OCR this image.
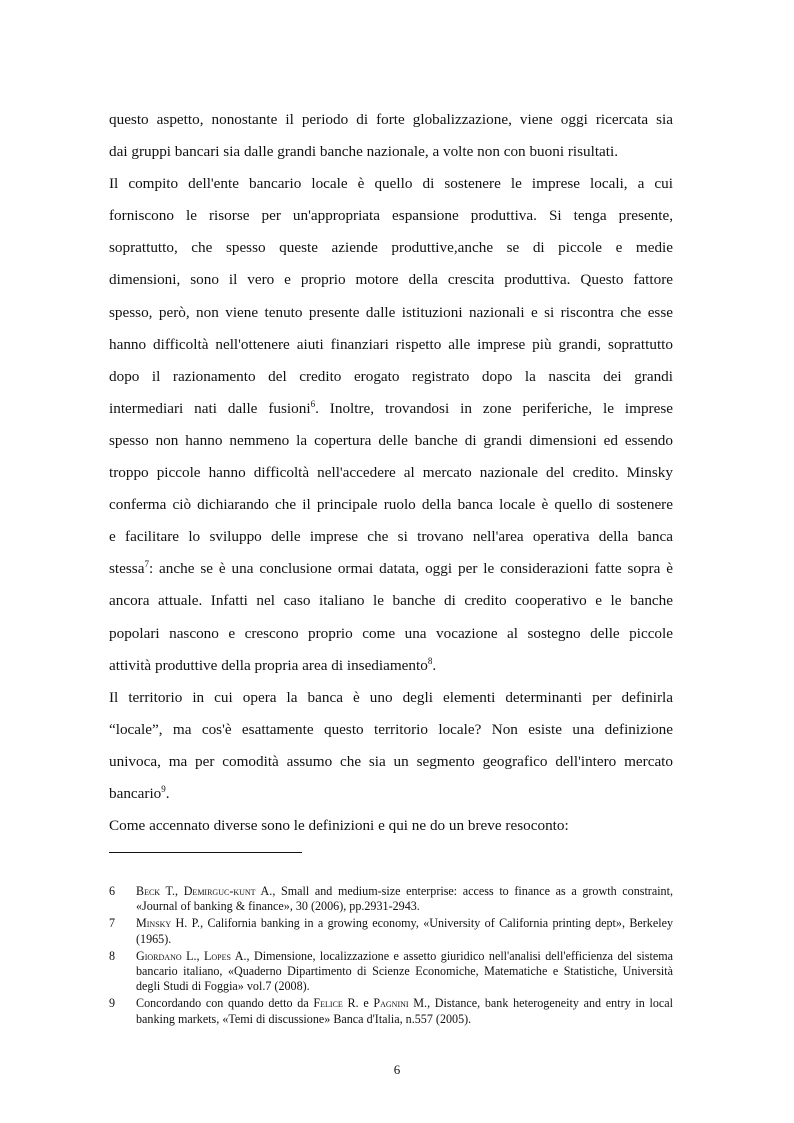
questo aspetto, nonostante il periodo di forte globalizzazione, viene oggi ricercata sia

dai gruppi bancari sia dalle grandi banche nazionale, a volte non con buoni risultati.

Il compito dell'ente bancario locale è quello di sostenere le imprese locali, a cui

forniscono le risorse per un'appropriata espansione produttiva. Si tenga presente,

soprattutto, che spesso queste aziende produttive,anche se di piccole e medie

dimensioni, sono il vero e proprio motore della crescita produttiva. Questo fattore

spesso, però, non viene tenuto presente dalle istituzioni nazionali e si riscontra che esse

hanno difficoltà nell'ottenere aiuti finanziari rispetto alle imprese più grandi, soprattutto

dopo il razionamento del credito erogato registrato dopo la nascita dei grandi

intermediari nati dalle fusioni$^6$. Inoltre, trovandosi in zone periferiche, le imprese

spesso non hanno nemmeno la copertura delle banche di grandi dimensioni ed essendo

troppo piccole hanno difficoltà nell'accedere al mercato nazionale del credito. Minsky

conferma ciò dichiarando che il principale ruolo della banca locale è quello di sostenere

e facilitare lo sviluppo delle imprese che si trovano nell'area operativa della banca

stessa$^7$: anche se è una conclusione ormai datata, oggi per le considerazioni fatte sopra è

ancora attuale. Infatti nel caso italiano le banche di credito cooperativo e le banche

popolari nascono e crescono proprio come una vocazione al sostegno delle piccole

attività produttive della propria area di insediamento$^8$.

Il territorio in cui opera la banca è uno degli elementi determinanti per definirla

“locale”, ma cos'è esattamente questo territorio locale? Non esiste una definizione

univoca, ma per comodità assumo che sia un segmento geografico dell'intero mercato

bancario$^9$.

Come accennato diverse sono le definizioni e qui ne do un breve resoconto:

6 Beck T., Demirguc-kunt A., Small and medium-size enterprise: access to finance as a growth constraint, «Journal of banking & finance», 30 (2006), pp.2931-2943.
7 Minsky H. P., California banking in a growing economy, «University of California printing dept», Berkeley (1965).
8 Giordano L., Lopes A., Dimensione, localizzazione e assetto giuridico nell'analisi dell'efficienza del sistema bancario italiano, «Quaderno Dipartimento di Scienze Economiche, Matematiche e Statistiche, Università degli Studi di Foggia» vol.7 (2008).
9 Concordando con quando detto da Felice R. e Pagnini M., Distance, bank heterogeneity and entry in local banking markets, «Temi di discussione» Banca d'Italia, n.557 (2005).
6
